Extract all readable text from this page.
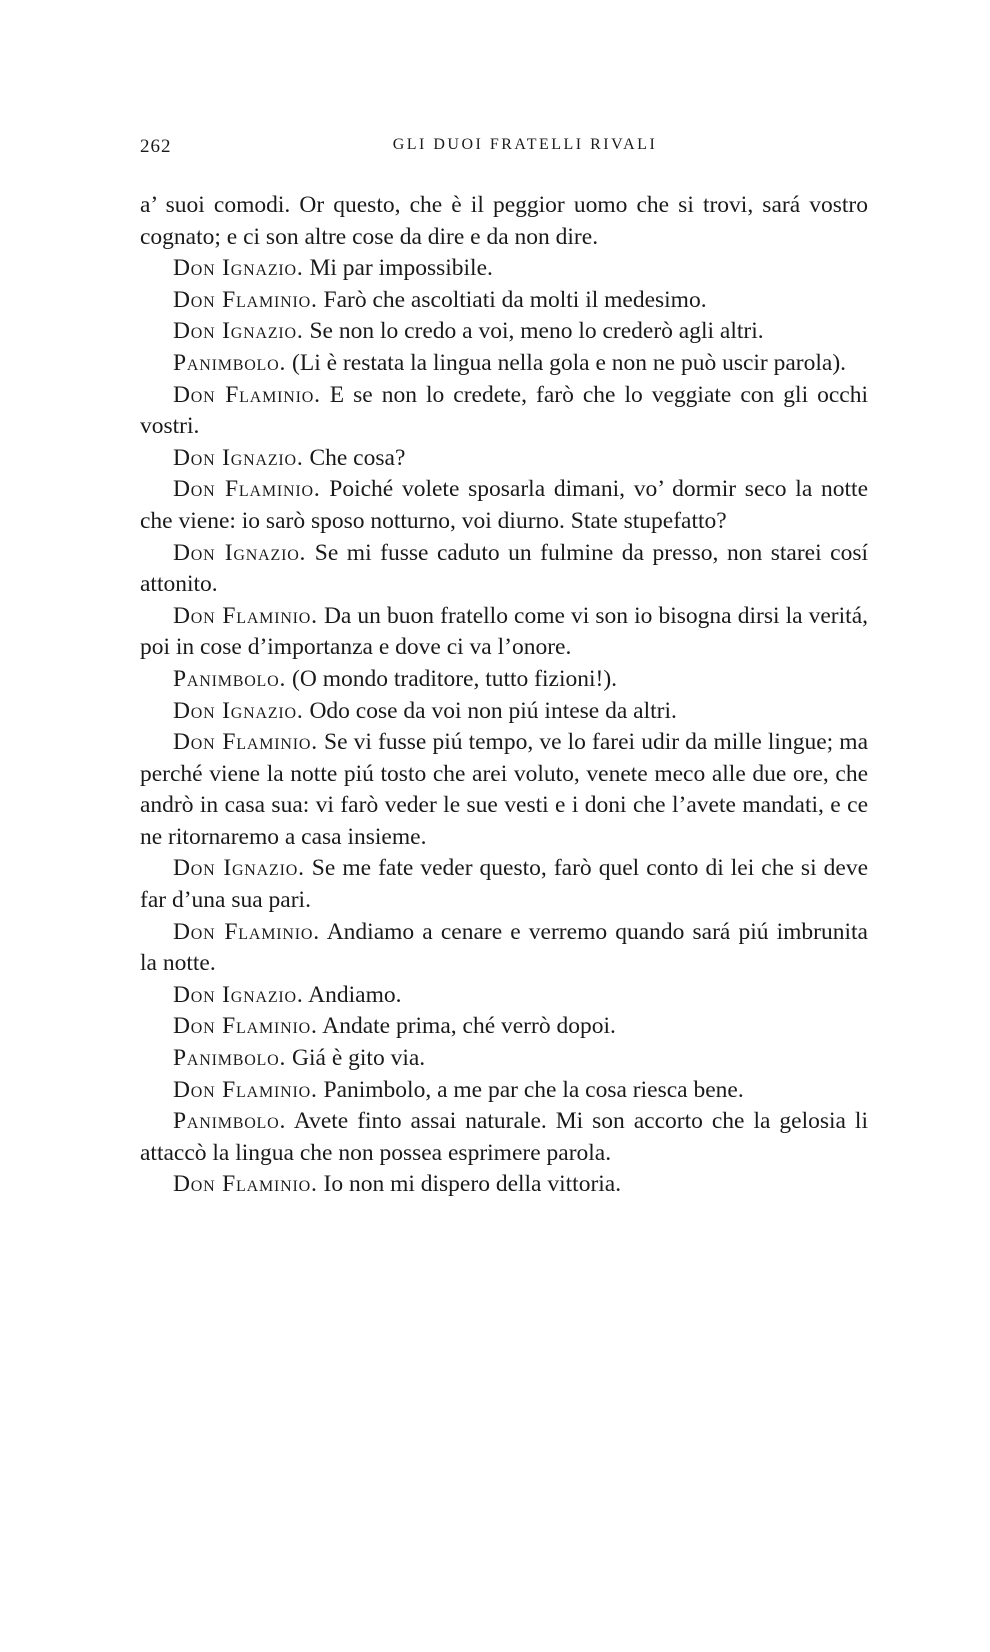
262	GLI DUOI FRATELLI RIVALI

a’ suoi comodi. Or questo, che è il peggior uomo che si trovi, sará vostro cognato; e ci son altre cose da dire e da non dire.

Don Ignazio. Mi par impossibile.

Don Flaminio. Farò che ascoltiati da molti il medesimo.

Don Ignazio. Se non lo credo a voi, meno lo crederò agli altri.

Panimbolo. (Li è restata la lingua nella gola e non ne può uscir parola).

Don Flaminio. E se non lo credete, farò che lo veggiate con gli occhi vostri.

Don Ignazio. Che cosa?

Don Flaminio. Poiché volete sposarla dimani, vo’ dormir seco la notte che viene: io sarò sposo notturno, voi diurno. State stupefatto?

Don Ignazio. Se mi fusse caduto un fulmine da presso, non starei cosí attonito.

Don Flaminio. Da un buon fratello come vi son io bisogna dirsi la veritá, poi in cose d’importanza e dove ci va l’onore.

Panimbolo. (O mondo traditore, tutto fizioni!).

Don Ignazio. Odo cose da voi non piú intese da altri.

Don Flaminio. Se vi fusse piú tempo, ve lo farei udir da mille lingue; ma perché viene la notte piú tosto che arei voluto, venete meco alle due ore, che andrò in casa sua: vi farò veder le sue vesti e i doni che l’avete mandati, e ce ne ritornaremo a casa insieme.

Don Ignazio. Se me fate veder questo, farò quel conto di lei che si deve far d’una sua pari.

Don Flaminio. Andiamo a cenare e verremo quando sará piú imbrunita la notte.

Don Ignazio. Andiamo.

Don Flaminio. Andate prima, ché verrò dopoi.

Panimbolo. Giá è gito via.

Don Flaminio. Panimbolo, a me par che la cosa riesca bene.

Panimbolo. Avete finto assai naturale. Mi son accorto che la gelosia li attaccò la lingua che non possea esprimere parola.

Don Flaminio. Io non mi dispero della vittoria.
